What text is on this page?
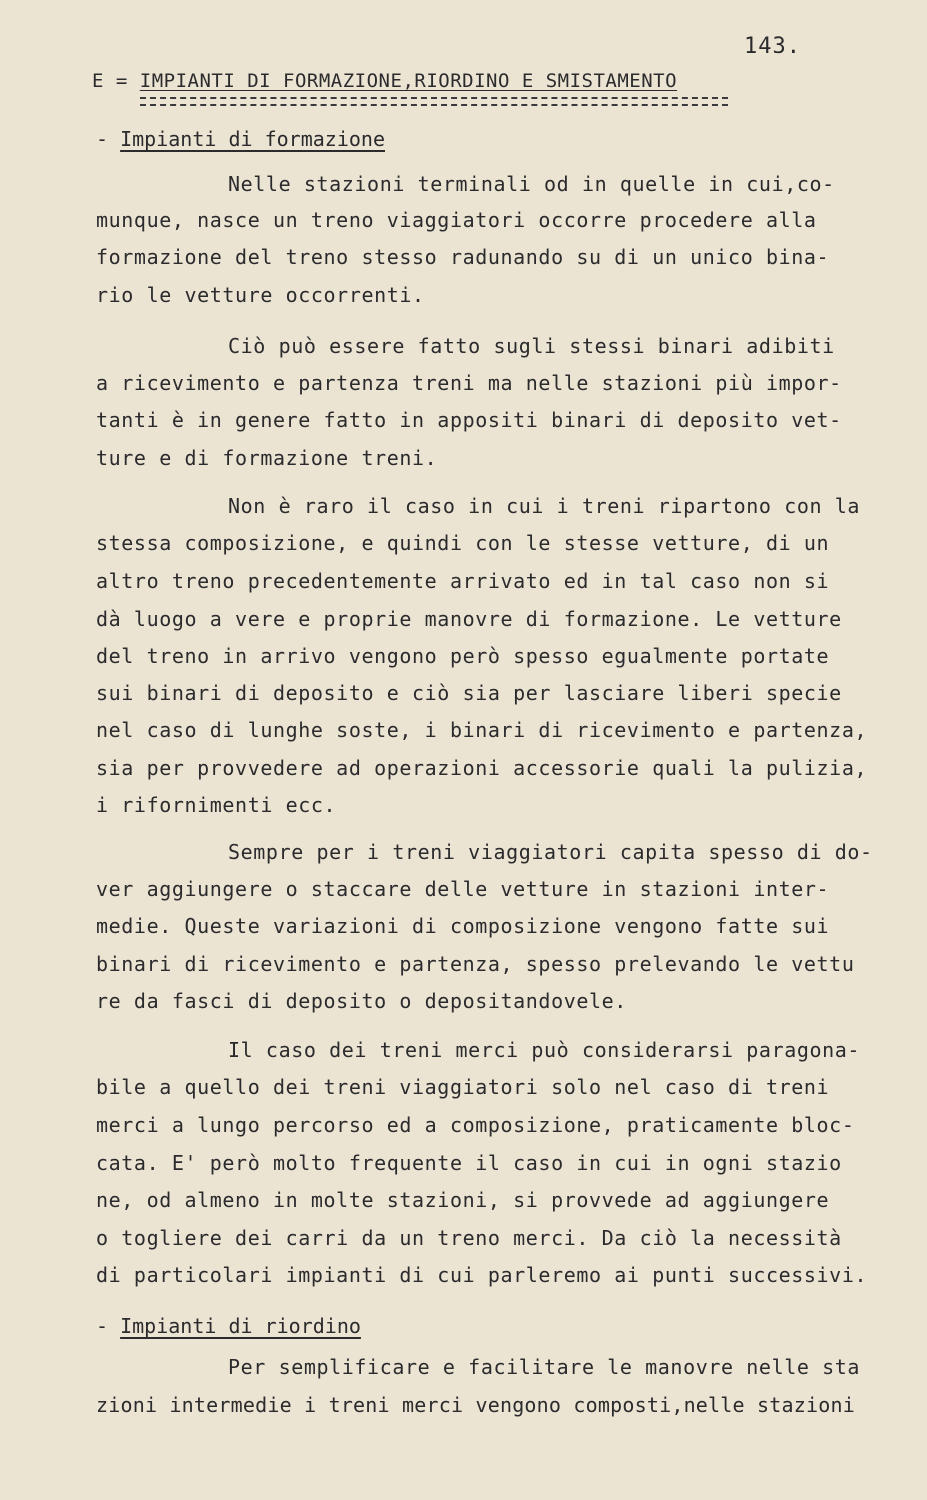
143.
E = IMPIANTI DI FORMAZIONE,RIORDINO E SMISTAMENTO
- Impianti di formazione
Nelle stazioni terminali od in quelle in cui,co-
munque, nasce un treno viaggiatori occorre procedere alla
formazione del treno stesso radunando su di un unico bina-
rio le vetture occorrenti.
Ciò può essere fatto sugli stessi binari adibiti
a ricevimento e partenza treni ma nelle stazioni più impor-
tanti è in genere fatto in appositi binari di deposito vet-
ture e di formazione treni.
Non è raro il caso in cui i treni ripartono con la
stessa composizione, e quindi con le stesse vetture, di un
altro treno precedentemente arrivato ed in tal caso non si
dà luogo a vere e proprie manovre di formazione. Le vetture
del treno in arrivo vengono però spesso egualmente portate
sui binari di deposito e ciò sia per lasciare liberi specie
nel caso di lunghe soste, i binari di ricevimento e partenza,
sia per provvedere ad operazioni accessorie quali la pulizia,
i rifornimenti ecc.
Sempre per i treni viaggiatori capita spesso di do-
ver aggiungere o staccare delle vetture in stazioni inter-
medie. Queste variazioni di composizione vengono fatte sui
binari di ricevimento e partenza, spesso prelevando le vettu
re da fasci di deposito o depositandovele.
Il caso dei treni merci può considerarsi paragona-
bile a quello dei treni viaggiatori solo nel caso di treni
merci a lungo percorso ed a composizione, praticamente bloc-
cata. E' però molto frequente il caso in cui in ogni stazio
ne, od almeno in molte stazioni, si provvede ad aggiungere
o togliere dei carri da un treno merci. Da ciò la necessità
di particolari impianti di cui parleremo ai punti successivi.
- Impianti di riordino
Per semplificare e facilitare le manovre nelle sta
zioni intermedie i treni merci vengono composti,nelle stazioni
